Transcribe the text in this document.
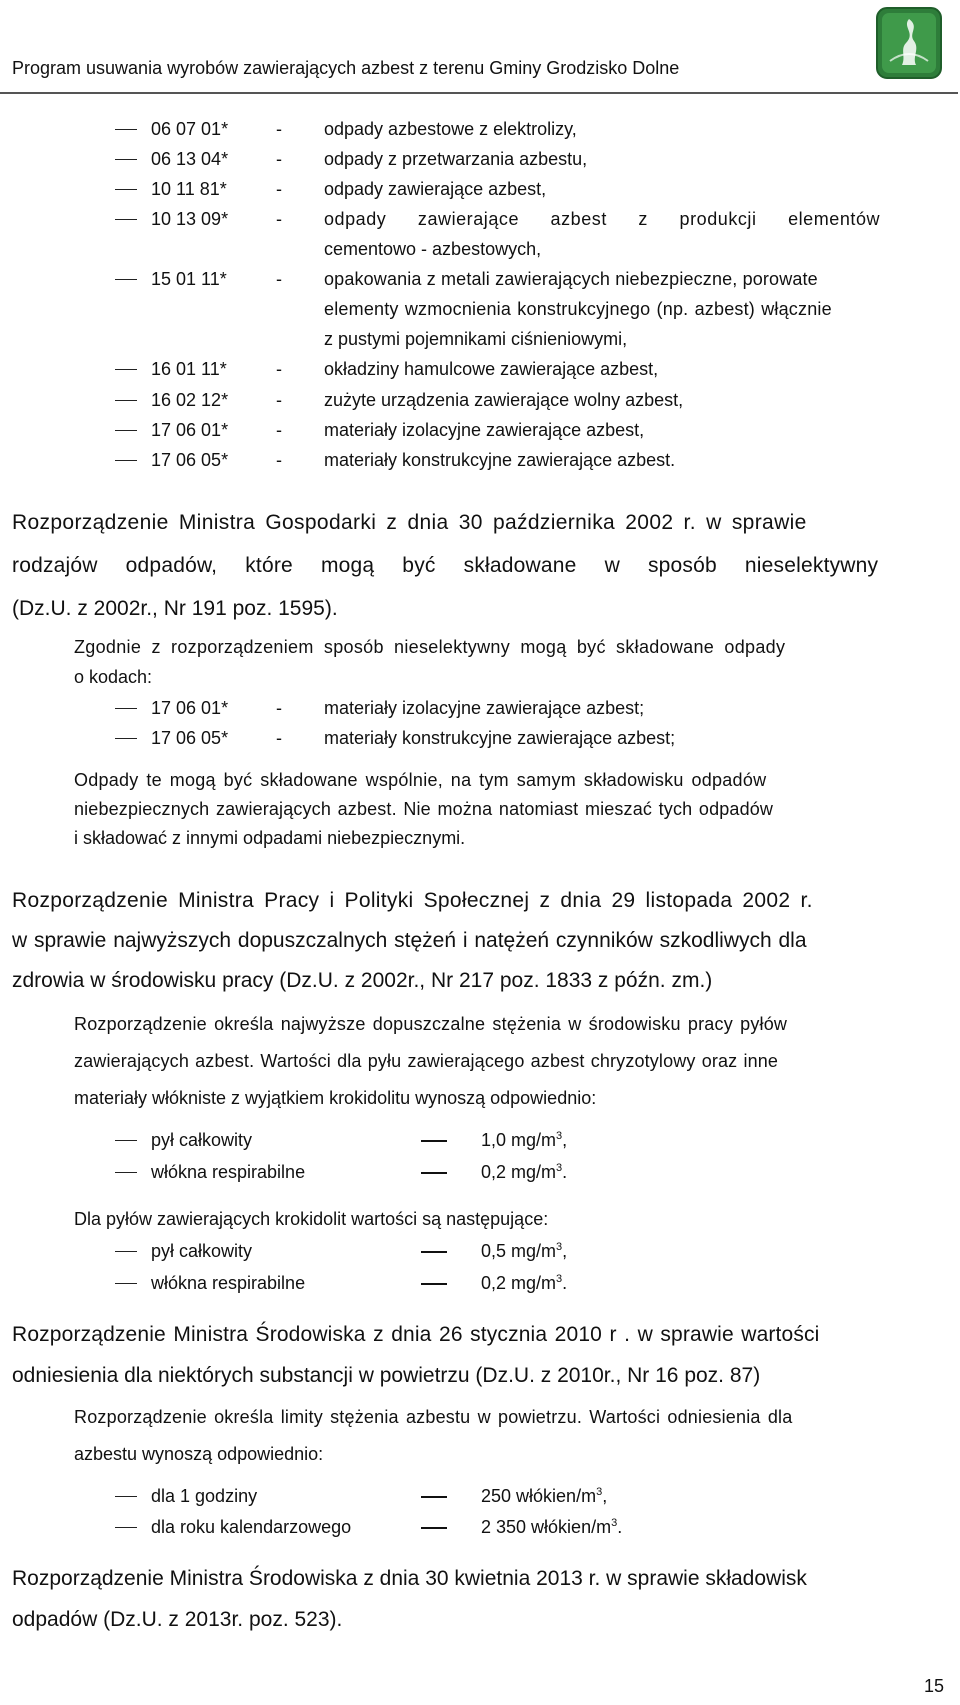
Program usuwania wyrobów zawierających azbest z terenu Gminy Grodzisko Dolne
06 07 01*	- odpady azbestowe z elektrolizy,
06 13 04*	- odpady z przetwarzania azbestu,
10 11 81*	- odpady zawierające azbest,
10 13 09*	- odpady zawierające azbest z produkcji elementów
cementowo - azbestowych,
15 01 11*	- opakowania z metali zawierających niebezpieczne, porowate
elementy wzmocnienia konstrukcyjnego (np. azbest) włącznie
z pustymi pojemnikami ciśnieniowymi,
16 01 11*	- okładziny hamulcowe zawierające azbest,
16 02 12*	- zużyte urządzenia zawierające wolny azbest,
17 06 01*	- materiały izolacyjne zawierające azbest,
17 06 05*	- materiały konstrukcyjne zawierające azbest.
Rozporządzenie Ministra Gospodarki z dnia 30 października 2002 r. w sprawie
rodzajów odpadów, które mogą być składowane w sposób nieselektywny
(Dz.U. z 2002r., Nr 191 poz. 1595).
Zgodnie z rozporządzeniem sposób nieselektywny mogą być składowane odpady
o kodach:
17 06 01*	- materiały izolacyjne zawierające azbest;
17 06 05*	- materiały konstrukcyjne zawierające azbest;
Odpady te mogą być składowane wspólnie, na tym samym składowisku odpadów
niebezpiecznych zawierających azbest. Nie można natomiast mieszać tych odpadów
i składować z innymi odpadami niebezpiecznymi.
Rozporządzenie Ministra Pracy i Polityki Społecznej z dnia 29 listopada 2002 r.
w sprawie najwyższych dopuszczalnych stężeń i natężeń czynników szkodliwych dla
zdrowia w środowisku pracy (Dz.U. z 2002r., Nr 217 poz. 1833 z późn. zm.)
Rozporządzenie określa najwyższe dopuszczalne stężenia w środowisku pracy pyłów
zawierających azbest. Wartości dla pyłu zawierającego azbest chryzotylowy oraz inne
materiały włókniste z wyjątkiem krokidolitu wynoszą odpowiednio:
pył całkowity	1,0 $mg/m^3$,
włókna respirabilne	0,2 $mg/m^3$.
Dla pyłów zawierających krokidolit wartości są następujące:
pył całkowity	0,5 $mg/m^3$,
włókna respirabilne	0,2 $mg/m^3$.
Rozporządzenie Ministra Środowiska z dnia 26 stycznia 2010 r . w sprawie wartości
odniesienia dla niektórych substancji w powietrzu (Dz.U. z 2010r., Nr 16 poz. 87)
Rozporządzenie określa limity stężenia azbestu w powietrzu. Wartości odniesienia dla
azbestu wynoszą odpowiednio:
dla 1 godziny	250 włókien/$m^3$,
dla roku kalendarzowego	2 350 włókien/$m^3$.
Rozporządzenie Ministra Środowiska z dnia 30 kwietnia 2013 r. w sprawie składowisk
odpadów (Dz.U. z 2013r. poz. 523).
15
